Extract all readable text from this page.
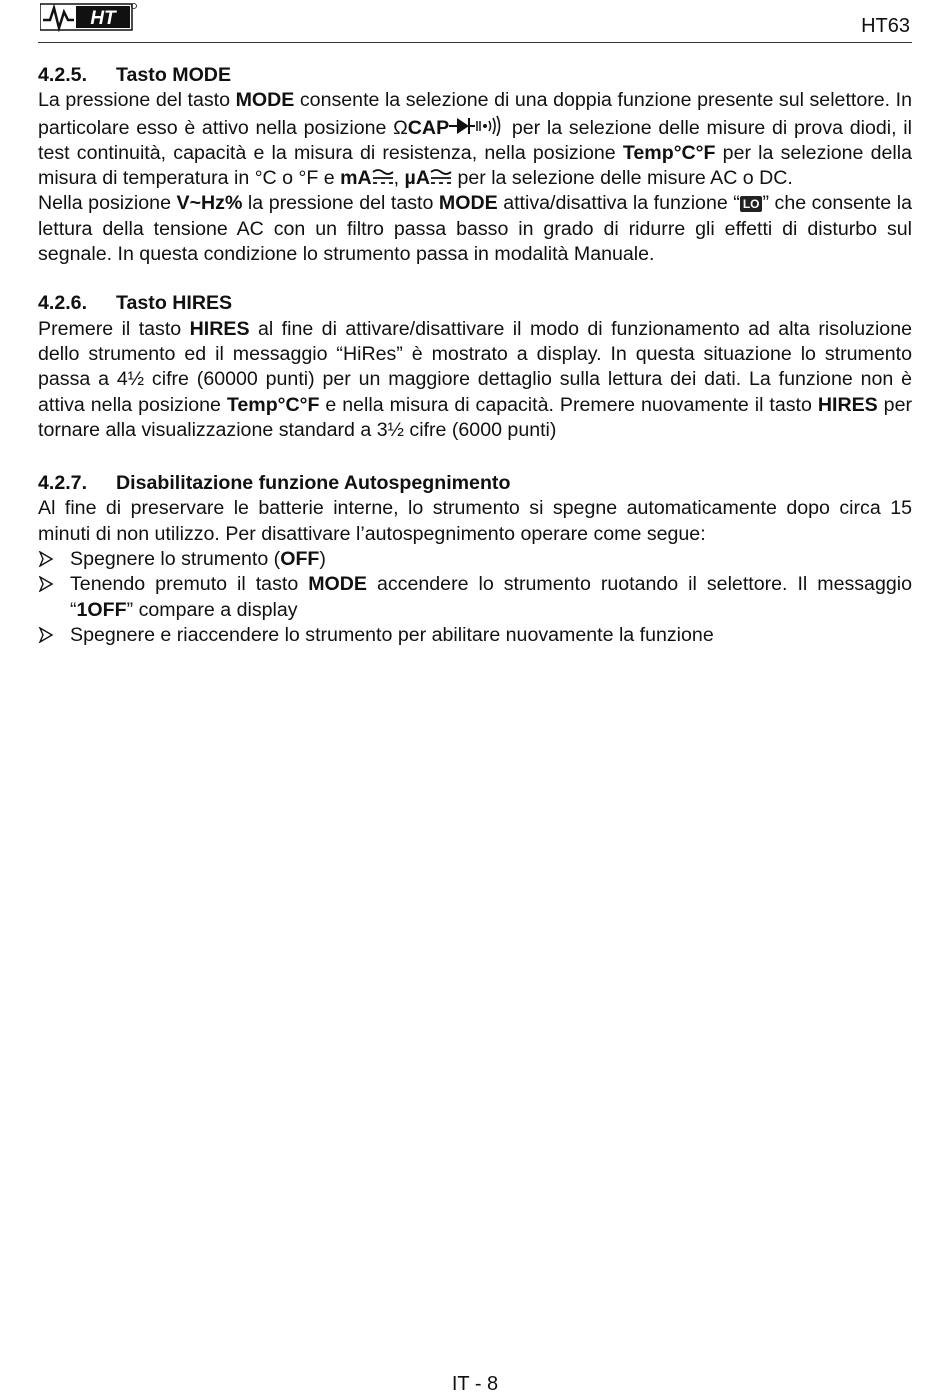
HT	HT63
4.2.5. Tasto MODE

La pressione del tasto MODE consente la selezione di una doppia funzione presente sul selettore. In particolare esso è attivo nella posizione ΩCAP	per la selezione delle misure di prova diodi, il test continuità, capacità e la misura di resistenza, nella posizione Temp°C°F per la selezione della misura di temperatura in °C o °F e mA , µA per la selezione delle misure AC o DC.

Nella posizione V~Hz% la pressione del tasto MODE attiva/disattiva la funzione “ LO ” che consente la lettura della tensione AC con un filtro passa basso in grado di ridurre gli effetti di disturbo sul segnale. In questa condizione lo strumento passa in modalità Manuale.

4.2.6. Tasto HIRES

Premere il tasto HIRES al fine di attivare/disattivare il modo di funzionamento ad alta risoluzione dello strumento ed il messaggio “HiRes” è mostrato a display. In questa situazione lo strumento passa a 4½ cifre (60000 punti) per un maggiore dettaglio sulla lettura dei dati. La funzione non è attiva nella posizione Temp°C°F e nella misura di capacità. Premere nuovamente il tasto HIRES per tornare alla visualizzazione standard a 3½ cifre (6000 punti)

4.2.7. Disabilitazione funzione Autospegnimento

Al fine di preservare le batterie interne, lo strumento si spegne automaticamente dopo circa 15 minuti di non utilizzo. Per disattivare l’autospegnimento operare come segue:

Spegnere lo strumento (OFF)
Tenendo premuto il tasto MODE accendere lo strumento ruotando il selettore. Il messaggio “1OFF” compare a display
Spegnere e riaccendere lo strumento per abilitare nuovamente la funzione
IT - 8
